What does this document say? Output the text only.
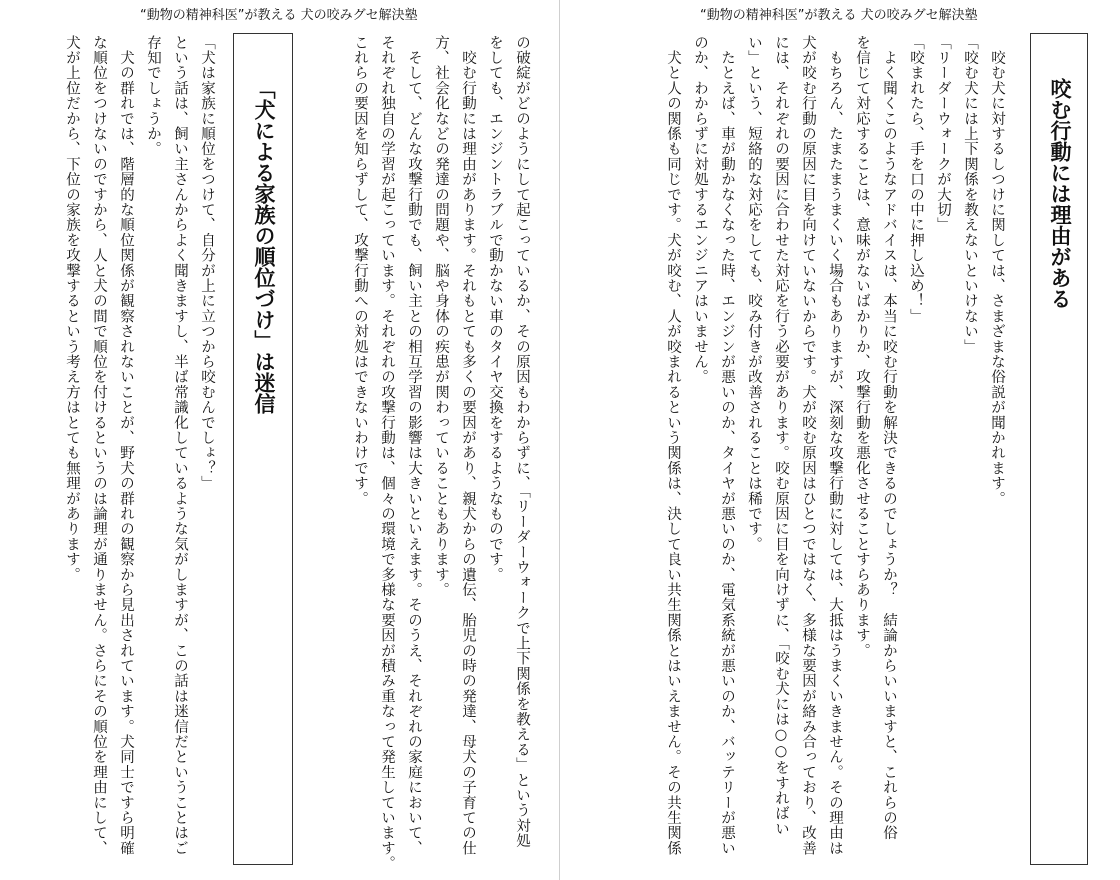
“動物の精神科医”が教える 犬の咬みグセ解決塾

の破綻がどのようにして起こっているか、その原因もわからずに、「リーダーウォークで上下関係を教える」という対処

をしても、エンジントラブルで動かない車のタイヤ交換をするようなものです。

　咬む行動には理由があります。それもとても多くの要因があり、親犬からの遺伝、胎児の時の発達、母犬の子育ての仕

方、社会化などの発達の問題や、脳や身体の疾患が関わっていることもあります。

　そして、どんな攻撃行動でも、飼い主との相互学習の影響は大きいといえます。そのうえ、それぞれの家庭において、

それぞれ独自の学習が起こっています。それぞれの攻撃行動は、個々の環境で多様な要因が積み重なって発生しています。

これらの要因を知らずして、攻撃行動への対処はできないわけです。

「犬による家族の順位づけ」は迷信

「犬は家族に順位をつけて、自分が上に立つから咬むんでしょ？」

という話は、飼い主さんからよく聞きますし、半ば常識化しているような気がしますが、この話は迷信だということはご

存知でしょうか。

　犬の群れでは、階層的な順位関係が観察されないことが、野犬の群れの観察から見出されています。犬同士ですら明確

な順位をつけないのですから、人と犬の間で順位を付けるというのは論理が通りません。さらにその順位を理由にして、

犬が上位だから、下位の家族を攻撃するという考え方はとても無理があります。

“動物の精神科医”が教える 犬の咬みグセ解決塾
咬む行動には理由がある

　咬む犬に対するしつけに関しては、さまざまな俗説が聞かれます。

「咬む犬には上下関係を教えないといけない」

「リーダーウォークが大切」

「咬まれたら、手を口の中に押し込め！」

　よく聞くこのようなアドバイスは、本当に咬む行動を解決できるのでしょうか？　結論からいいますと、これらの俗

を信じて対応することは、意味がないばかりか、攻撃行動を悪化させることすらあります。

　もちろん、たまたまうまくいく場合もありますが、深刻な攻撃行動に対しては、大抵はうまくいきません。その理由は

犬が咬む行動の原因に目を向けていないからです。犬が咬む原因はひとつではなく、多様な要因が絡み合っており、改善

には、それぞれの要因に合わせた対応を行う必要があります。咬む原因に目を向けずに、「咬む犬には○○をすればい

い」という、短絡的な対応をしても、咬み付きが改善されることは稀です。

　たとえば、車が動かなくなった時、エンジンが悪いのか、タイヤが悪いのか、電気系統が悪いのか、バッテリーが悪い

のか、わからずに対処するエンジニアはいません。

　犬と人の関係も同じです。犬が咬む、人が咬まれるという関係は、決して良い共生関係とはいえません。その共生関係
